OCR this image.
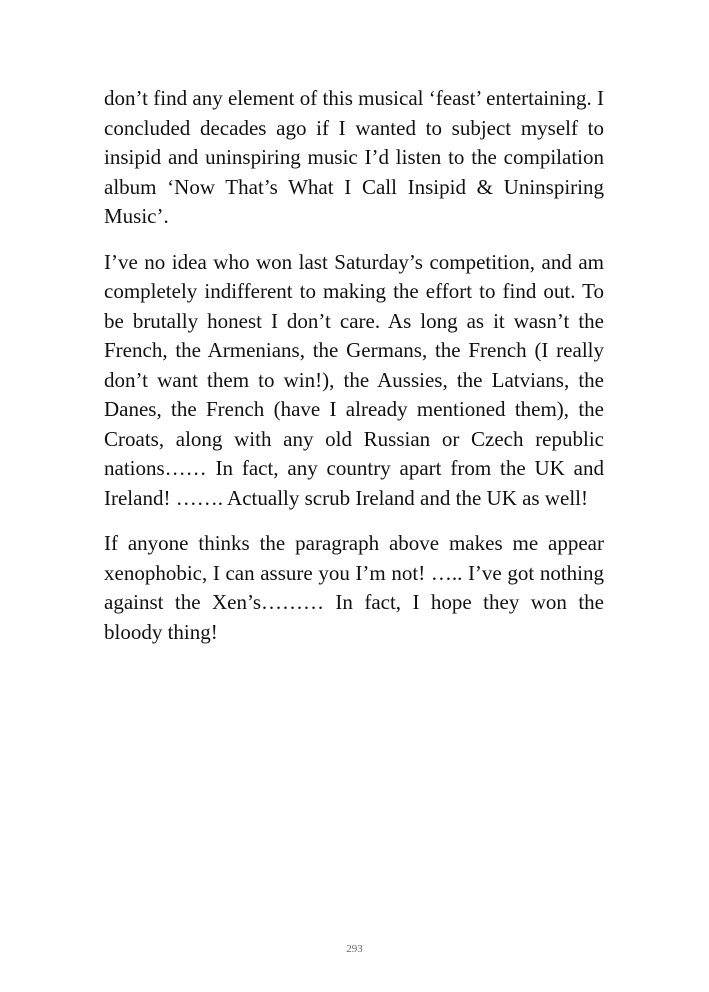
don’t find any element of this musical ‘feast’ entertaining. I concluded decades ago if I wanted to subject myself to insipid and uninspiring music I’d listen to the compilation album ‘Now That’s What I Call Insipid & Uninspiring Music’.

I’ve no idea who won last Saturday’s competition, and am completely indifferent to making the effort to find out. To be brutally honest I don’t care. As long as it wasn’t the French, the Armenians, the Germans, the French (I really don’t want them to win!), the Aussies, the Latvians, the Danes, the French (have I already mentioned them), the Croats, along with any old Russian or Czech republic nations…… In fact, any country apart from the UK and Ireland! ……. Actually scrub Ireland and the UK as well!

If anyone thinks the paragraph above makes me appear xenophobic, I can assure you I’m not! ….. I’ve got nothing against the Xen’s……… In fact, I hope they won the bloody thing!

293
